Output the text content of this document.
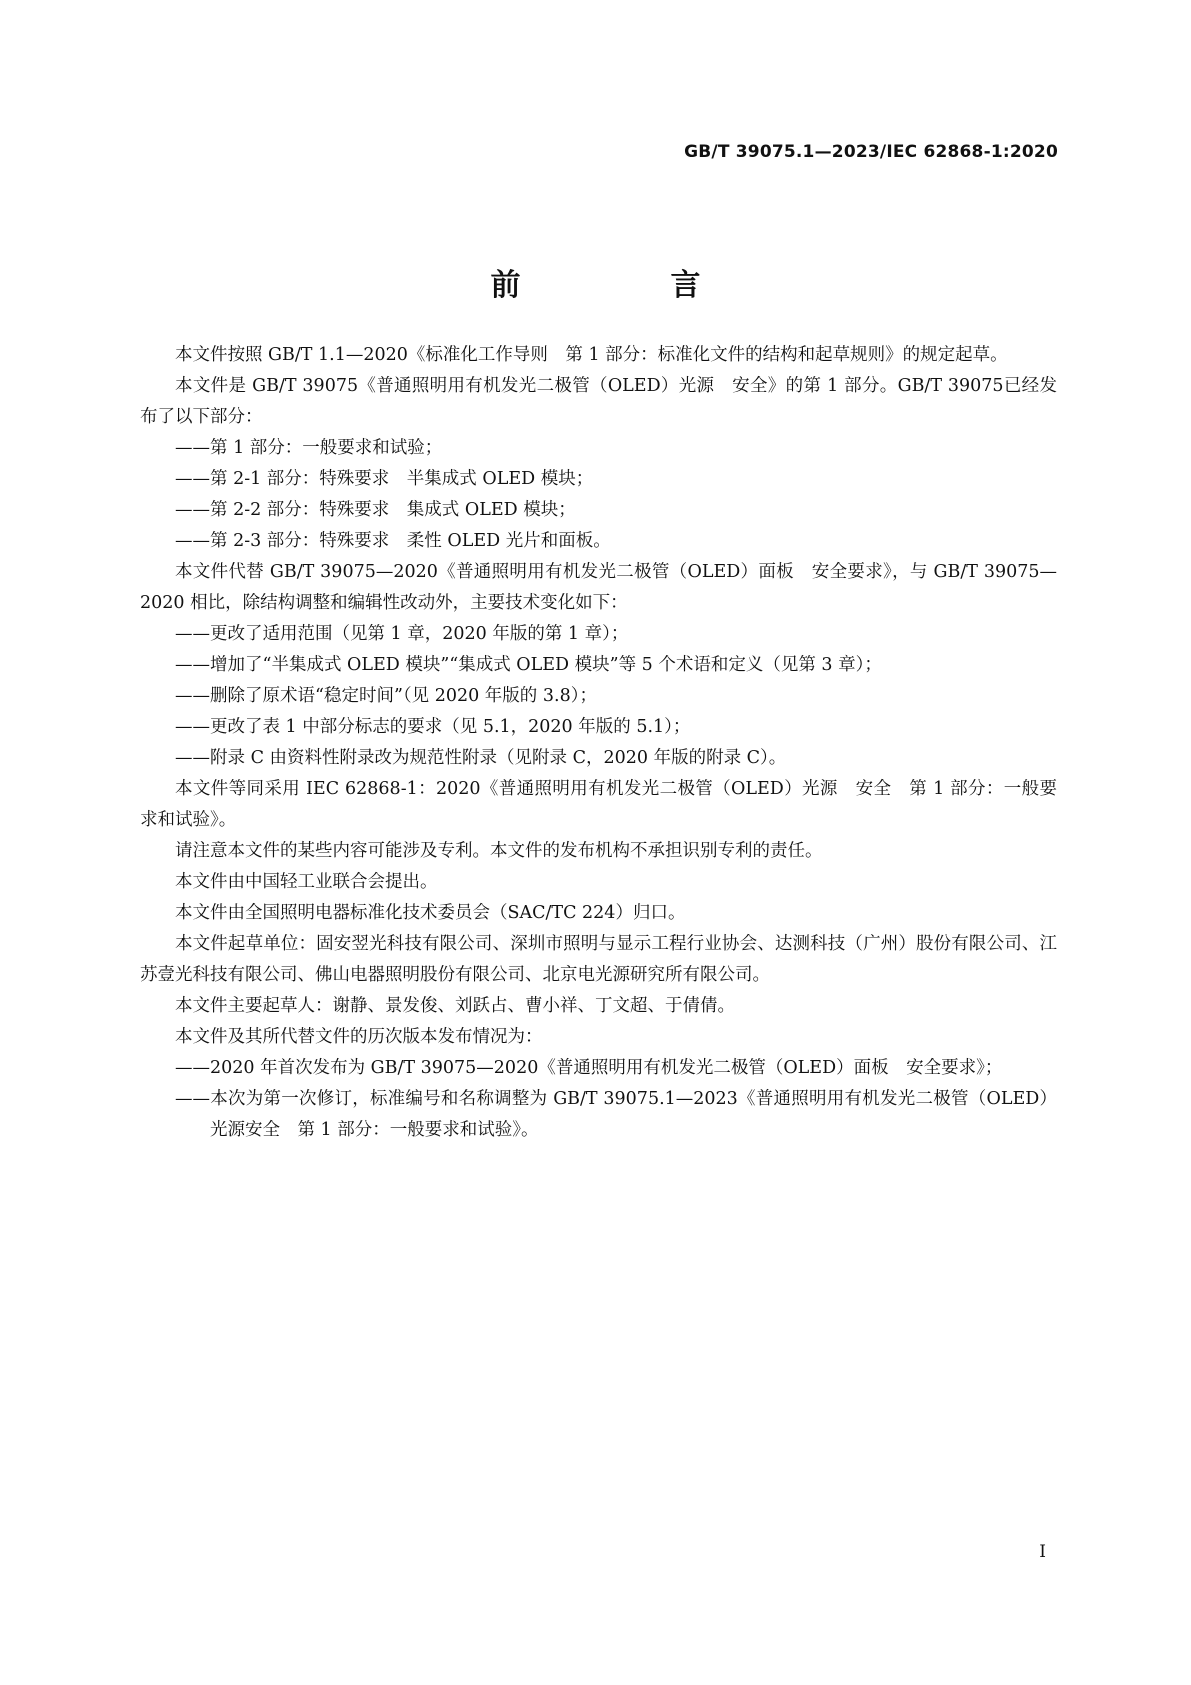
GB/T 39075.1—2023/IEC 62868-1:2020
前　言

本文件按照 GB/T 1.1—2020《标准化工作导则　第 1 部分：标准化文件的结构和起草规则》的规定起草。

本文件是 GB/T 39075《普通照明用有机发光二极管（OLED）光源　安全》的第 1 部分。GB/T 39075已经发布了以下部分：

——第 1 部分：一般要求和试验；

——第 2-1 部分：特殊要求　半集成式 OLED 模块；

——第 2-2 部分：特殊要求　集成式 OLED 模块；

——第 2-3 部分：特殊要求　柔性 OLED 光片和面板。

本文件代替 GB/T 39075—2020《普通照明用有机发光二极管（OLED）面板　安全要求》，与 GB/T 39075—2020 相比，除结构调整和编辑性改动外，主要技术变化如下：

——更改了适用范围（见第 1 章，2020 年版的第 1 章）；

——增加了“半集成式 OLED 模块”“集成式 OLED 模块”等 5 个术语和定义（见第 3 章）；

——删除了原术语“稳定时间”（见 2020 年版的 3.8）；

——更改了表 1 中部分标志的要求（见 5.1，2020 年版的 5.1）；

——附录 C 由资料性附录改为规范性附录（见附录 C，2020 年版的附录 C）。

本文件等同采用 IEC 62868-1：2020《普通照明用有机发光二极管（OLED）光源　安全　第 1 部分：一般要求和试验》。

请注意本文件的某些内容可能涉及专利。本文件的发布机构不承担识别专利的责任。

本文件由中国轻工业联合会提出。

本文件由全国照明电器标准化技术委员会（SAC/TC 224）归口。

本文件起草单位：固安翌光科技有限公司、深圳市照明与显示工程行业协会、达测科技（广州）股份有限公司、江苏壹光科技有限公司、佛山电器照明股份有限公司、北京电光源研究所有限公司。

本文件主要起草人：谢静、景发俊、刘跃占、曹小祥、丁文超、于倩倩。

本文件及其所代替文件的历次版本发布情况为：

——2020 年首次发布为 GB/T 39075—2020《普通照明用有机发光二极管（OLED）面板　安全要求》；

——本次为第一次修订，标准编号和名称调整为 GB/T 39075.1—2023《普通照明用有机发光二极管（OLED）光源安全　第 1 部分：一般要求和试验》。

I
